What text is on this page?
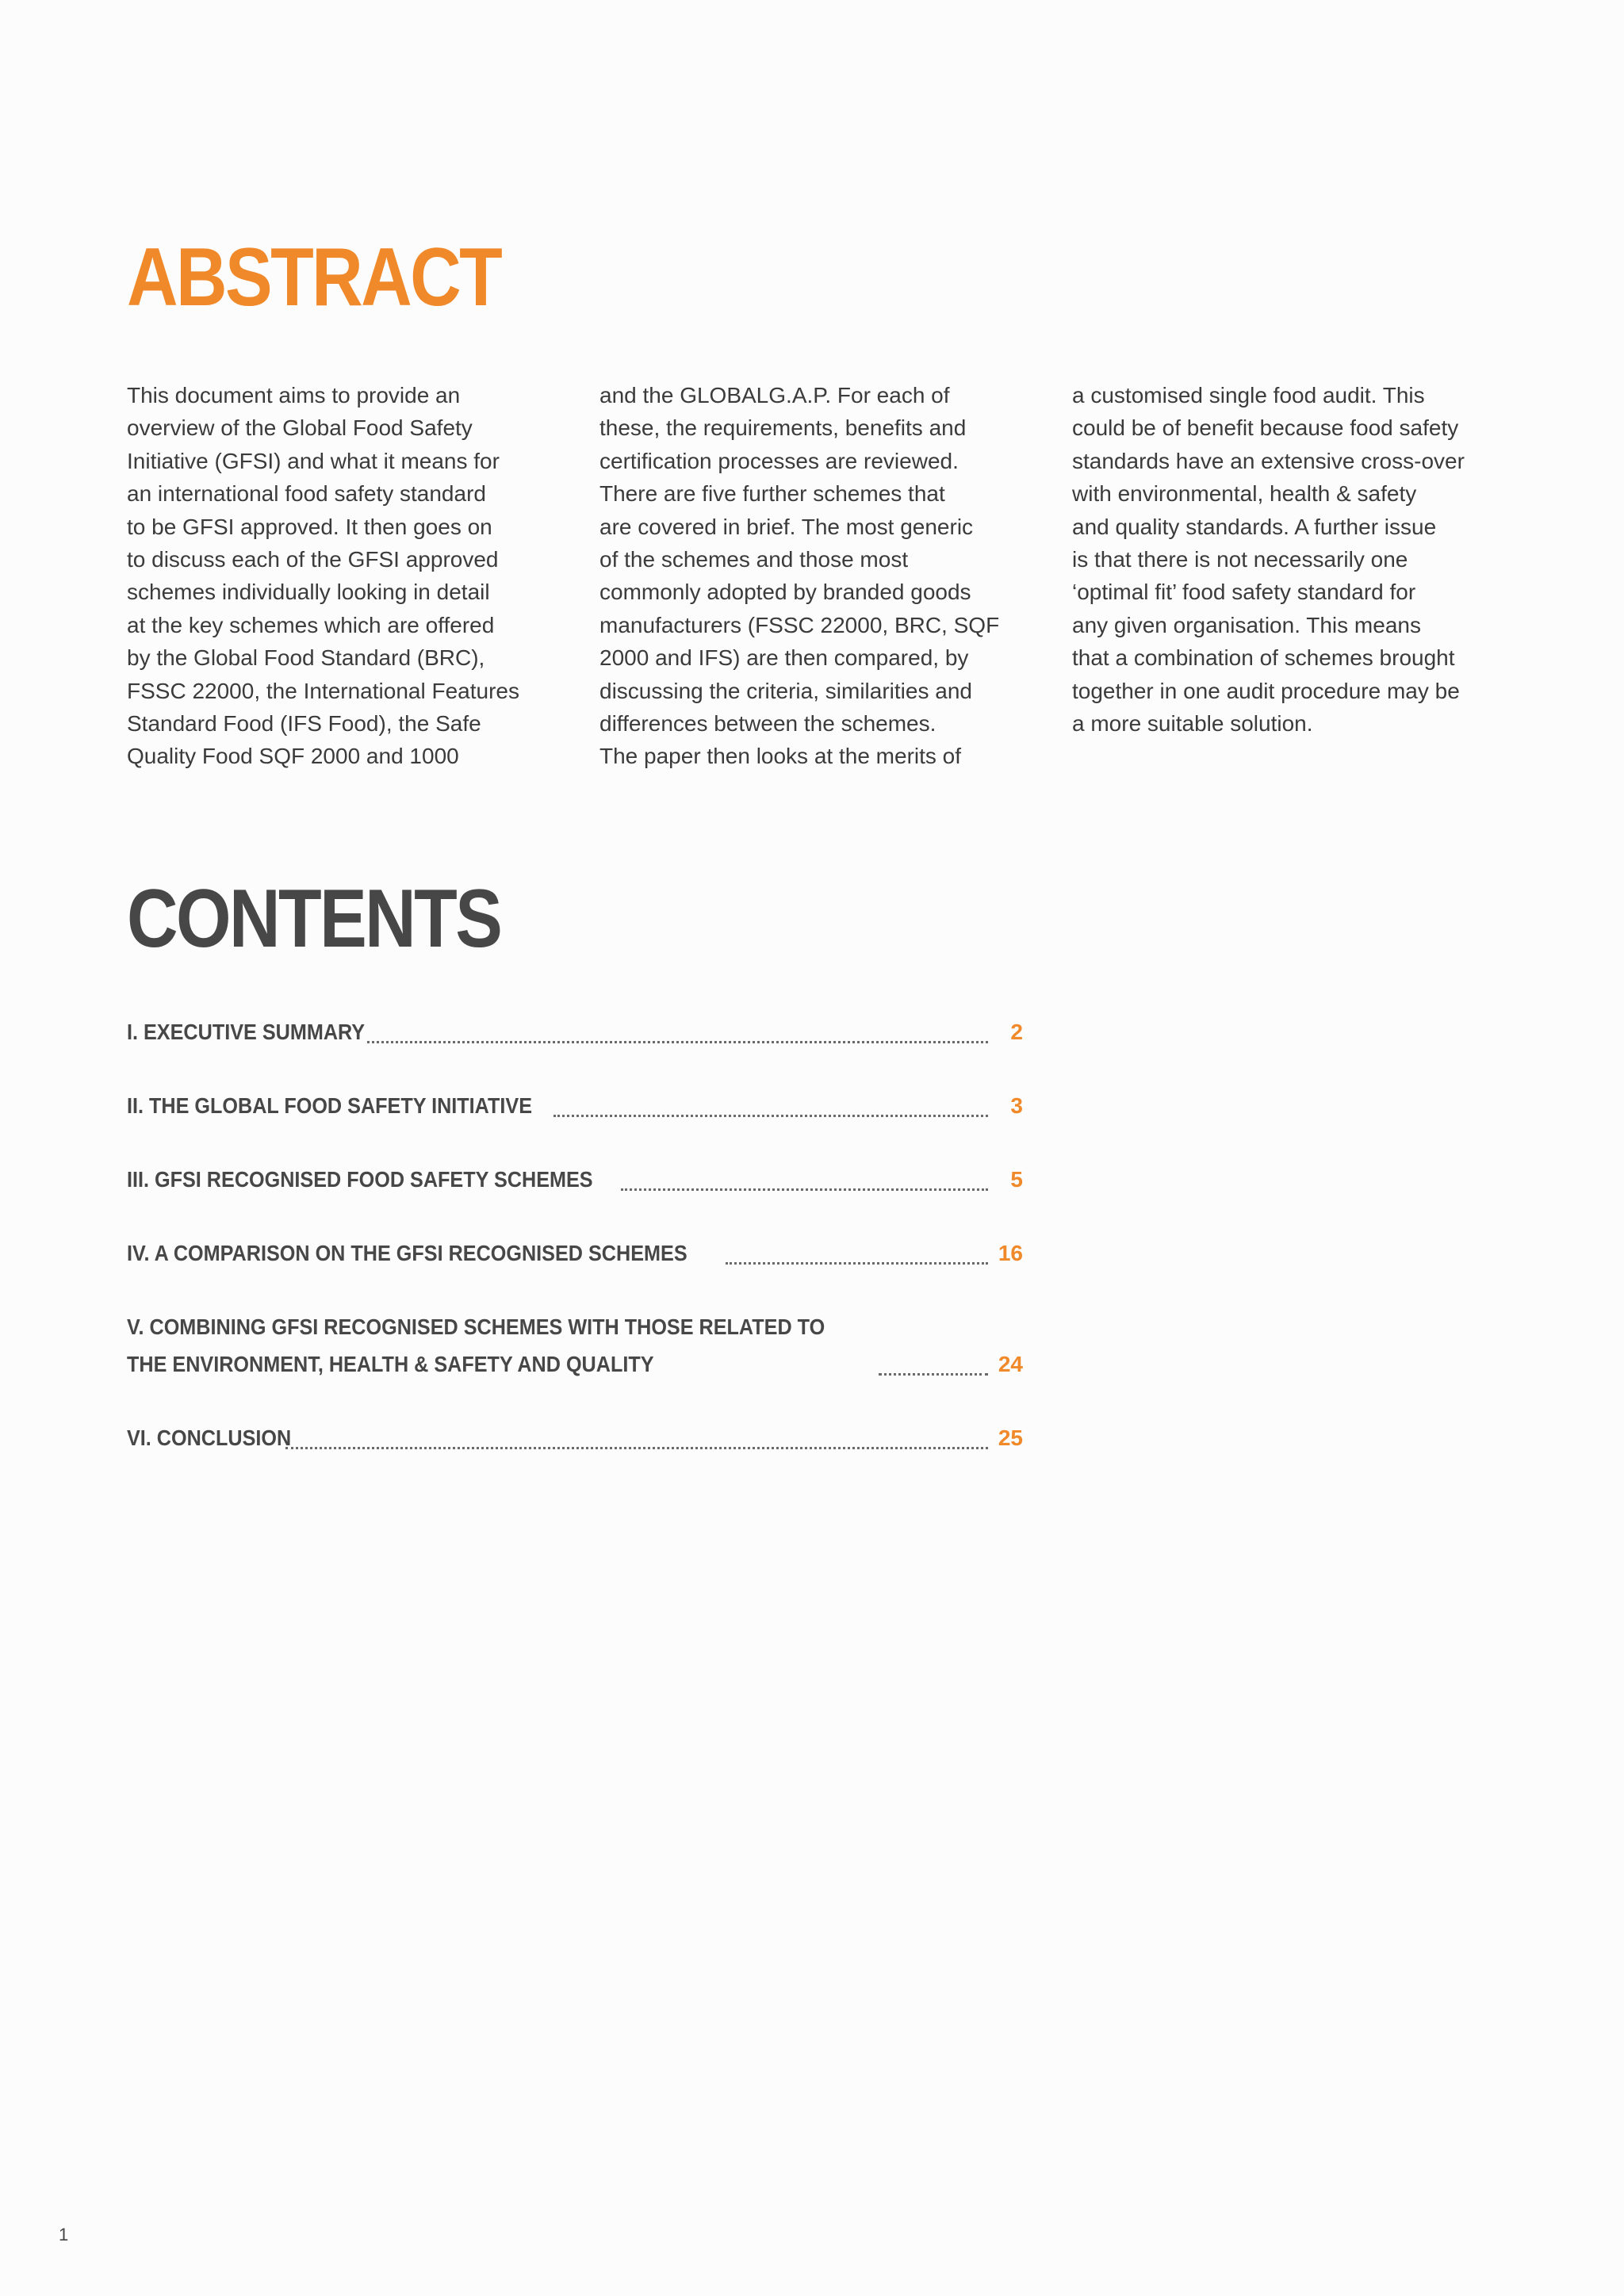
ABSTRACT
This document aims to provide an
overview of the Global Food Safety
Initiative (GFSI) and what it means for
an international food safety standard
to be GFSI approved. It then goes on
to discuss each of the GFSI approved
schemes individually looking in detail
at the key schemes which are offered
by the Global Food Standard (BRC),
FSSC 22000, the International Features
Standard Food (IFS Food), the Safe
Quality Food SQF 2000 and 1000
and the GLOBALG.A.P. For each of
these, the requirements, benefits and
certification processes are reviewed.
There are five further schemes that
are covered in brief. The most generic
of the schemes and those most
commonly adopted by branded goods
manufacturers (FSSC 22000, BRC, SQF
2000 and IFS) are then compared, by
discussing the criteria, similarities and
differences between the schemes.
The paper then looks at the merits of
a customised single food audit. This
could be of benefit because food safety
standards have an extensive cross-over
with environmental, health & safety
and quality standards. A further issue
is that there is not necessarily one
‘optimal fit’ food safety standard for
any given organisation. This means
that a combination of schemes brought
together in one audit procedure may be
a more suitable solution.
CONTENTS
I. EXECUTIVE SUMMARY	2
II. THE GLOBAL FOOD SAFETY INITIATIVE	3
III. GFSI RECOGNISED FOOD SAFETY SCHEMES	5
IV. A COMPARISON ON THE GFSI RECOGNISED SCHEMES	16
V. COMBINING GFSI RECOGNISED SCHEMES WITH THOSE RELATED TO
THE ENVIRONMENT, HEALTH & SAFETY AND QUALITY	24
VI. CONCLUSION	25
1
